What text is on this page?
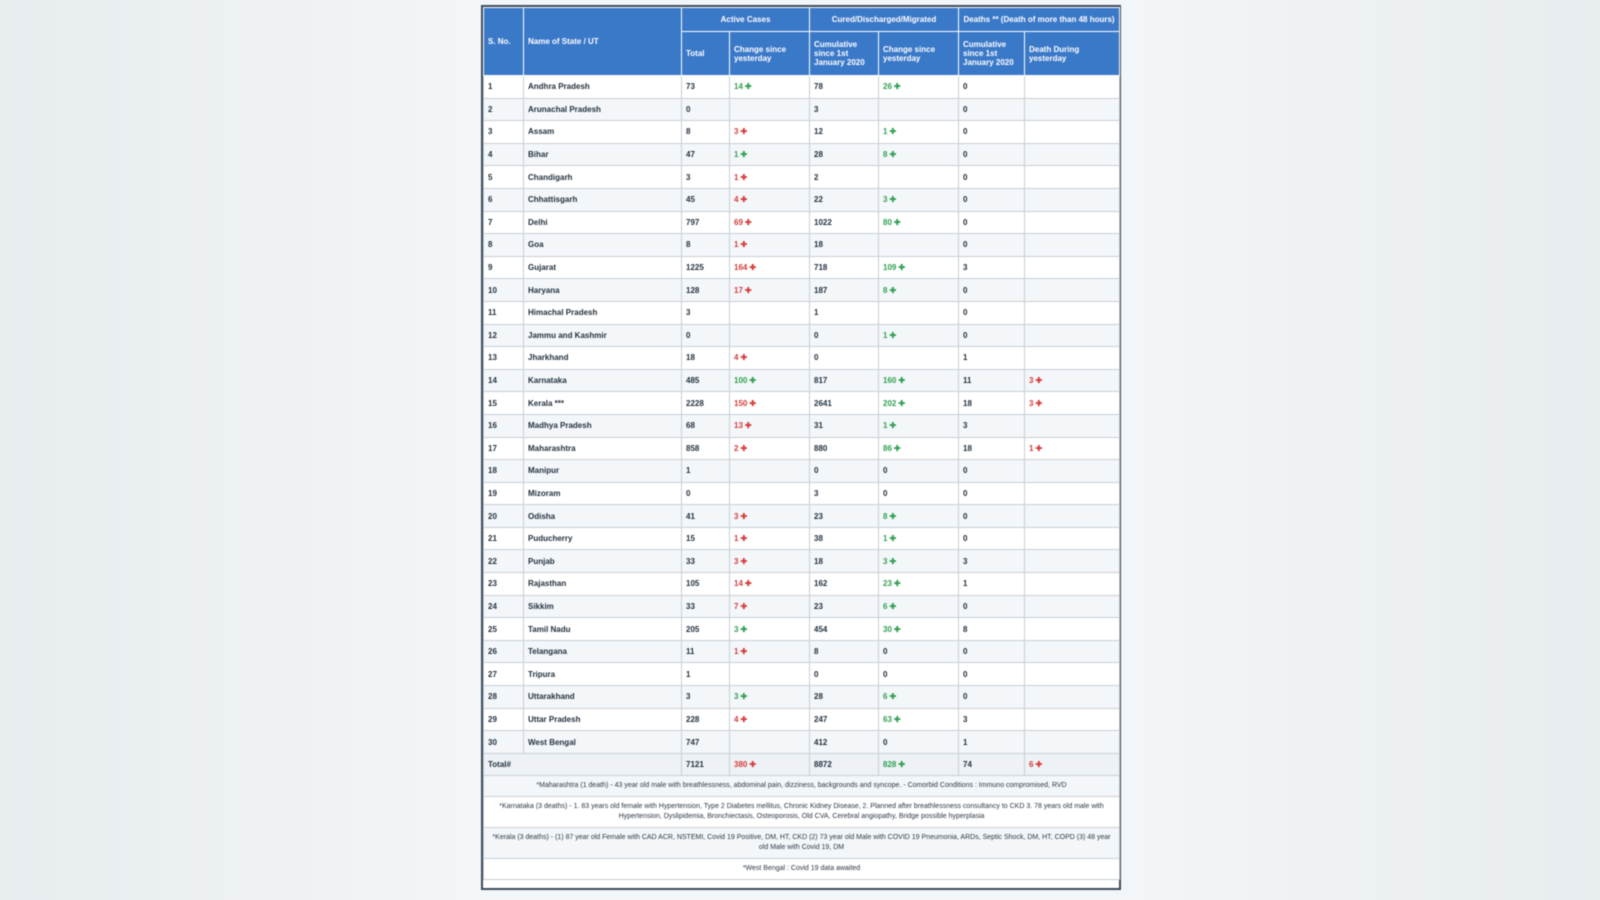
S. No.	Name of State / UT	Active Cases		Cured/Discharged/Migrated		Deaths ** (Death of more than 48 hours)	
		Total	Change since yesterday	Cumulative since 1st January 2020	Change since yesterday	Cumulative since 1st January 2020	Death During yesterday
1	Andhra Pradesh	73	14 ✚	78	26 ✚	0	
2	Arunachal Pradesh	0		3		0	
3	Assam	8	3 ✚	12	1 ✚	0	
4	Bihar	47	1 ✚	28	8 ✚	0	
5	Chandigarh	3	1 ✚	2		0	
6	Chhattisgarh	45	4 ✚	22	3 ✚	0	
7	Delhi	797	69 ✚	1022	80 ✚	0	
8	Goa	8	1 ✚	18		0	
9	Gujarat	1225	164 ✚	718	109 ✚	3	
10	Haryana	128	17 ✚	187	8 ✚	0	
11	Himachal Pradesh	3		1		0	
12	Jammu and Kashmir	0		0	1 ✚	0	
13	Jharkhand	18	4 ✚	0		1	
14	Karnataka	485	100 ✚	817	160 ✚	11	3 ✚
15	Kerala ***	2228	150 ✚	2641	202 ✚	18	3 ✚
16	Madhya Pradesh	68	13 ✚	31	1 ✚	3	
17	Maharashtra	858	2 ✚	880	86 ✚	18	1 ✚
18	Manipur	1		0	0	0	
19	Mizoram	0		3	0	0	
20	Odisha	41	3 ✚	23	8 ✚	0	
21	Puducherry	15	1 ✚	38	1 ✚	0	
22	Punjab	33	3 ✚	18	3 ✚	3	
23	Rajasthan	105	14 ✚	162	23 ✚	1	
24	Sikkim	33	7 ✚	23	6 ✚	0	
25	Tamil Nadu	205	3 ✚	454	30 ✚	8	
26	Telangana	11	1 ✚	8	0	0	
27	Tripura	1		0	0	0	
28	Uttarakhand	3	3 ✚	28	6 ✚	0	
29	Uttar Pradesh	228	4 ✚	247	63 ✚	3	
30	West Bengal	747		412	0	1	
Total#		7121	380 ✚	8872	828 ✚	74	6 ✚
*Maharashtra (1 death) - 43 year old male with breathlessness, abdominal pain, dizziness, backgrounds and syncope. - Comorbid Conditions : Immuno compromised, RVD							
*Karnataka (3 deaths) - 1. 83 years old female with Hypertension, Type 2 Diabetes mellitus, Chronic Kidney Disease, 2. Planned after breathlessness consultancy to CKD 3. 78 years old male with Hypertension, Dyslipidemia, Bronchiectasis, Osteoporosis, Old CVA, Cerebral angiopathy, Bridge possible hyperplasia							
*Kerala (3 deaths) - (1) 87 year old Female with CAD ACR, NSTEMI, Covid 19 Positive, DM, HT, CKD (2) 73 year old Male with COVID 19 Pneumonia, ARDs, Septic Shock, DM, HT, COPD (3) 48 year old Male with Covid 19, DM							
*West Bengal : Covid 19 data awaited							
